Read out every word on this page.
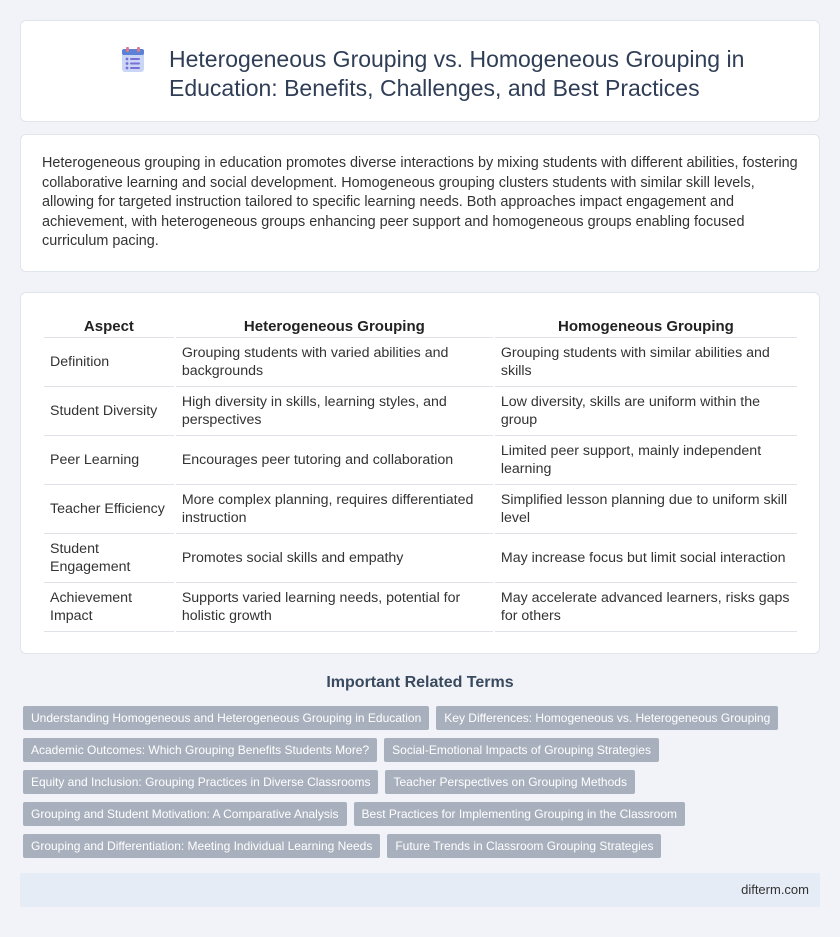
Heterogeneous Grouping vs. Homogeneous Grouping in Education: Benefits, Challenges, and Best Practices

Heterogeneous grouping in education promotes diverse interactions by mixing students with different abilities, fostering collaborative learning and social development. Homogeneous grouping clusters students with similar skill levels, allowing for targeted instruction tailored to specific learning needs. Both approaches impact engagement and achievement, with heterogeneous groups enhancing peer support and homogeneous groups enabling focused curriculum pacing.

Aspect	Heterogeneous Grouping	Homogeneous Grouping
Definition	Grouping students with varied abilities and backgrounds	Grouping students with similar abilities and skills
Student Diversity	High diversity in skills, learning styles, and perspectives	Low diversity, skills are uniform within the group
Peer Learning	Encourages peer tutoring and collaboration	Limited peer support, mainly independent learning
Teacher Efficiency	More complex planning, requires differentiated instruction	Simplified lesson planning due to uniform skill level
Student Engagement	Promotes social skills and empathy	May increase focus but limit social interaction
Achievement Impact	Supports varied learning needs, potential for holistic growth	May accelerate advanced learners, risks gaps for others
Important Related Terms
Understanding Homogeneous and Heterogeneous Grouping in Education	Key Differences: Homogeneous vs. Heterogeneous Grouping
Academic Outcomes: Which Grouping Benefits Students More?	Social-Emotional Impacts of Grouping Strategies
Equity and Inclusion: Grouping Practices in Diverse Classrooms	Teacher Perspectives on Grouping Methods
Grouping and Student Motivation: A Comparative Analysis	Best Practices for Implementing Grouping in the Classroom
Grouping and Differentiation: Meeting Individual Learning Needs	Future Trends in Classroom Grouping Strategies
difterm.com
